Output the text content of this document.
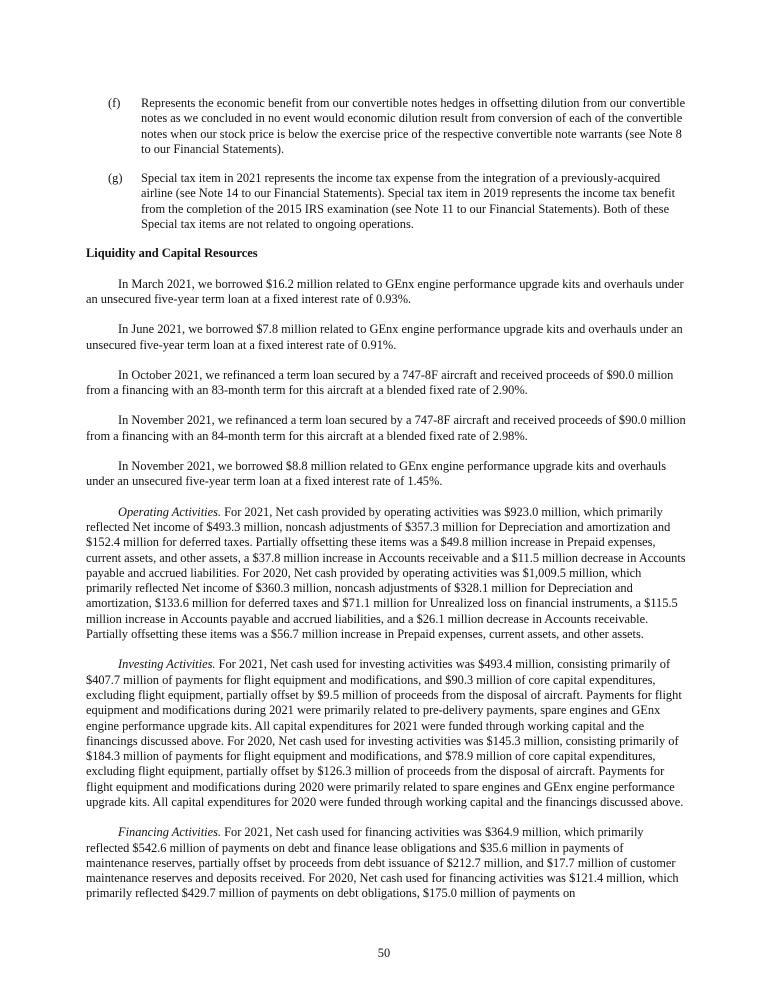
(f) Represents the economic benefit from our convertible notes hedges in offsetting dilution from our convertible notes as we concluded in no event would economic dilution result from conversion of each of the convertible notes when our stock price is below the exercise price of the respective convertible note warrants (see Note 8 to our Financial Statements).
(g) Special tax item in 2021 represents the income tax expense from the integration of a previously-acquired airline (see Note 14 to our Financial Statements). Special tax item in 2019 represents the income tax benefit from the completion of the 2015 IRS examination (see Note 11 to our Financial Statements). Both of these Special tax items are not related to ongoing operations.
Liquidity and Capital Resources

In March 2021, we borrowed $16.2 million related to GEnx engine performance upgrade kits and overhauls under an unsecured five-year term loan at a fixed interest rate of 0.93%.

In June 2021, we borrowed $7.8 million related to GEnx engine performance upgrade kits and overhauls under an unsecured five-year term loan at a fixed interest rate of 0.91%.

In October 2021, we refinanced a term loan secured by a 747-8F aircraft and received proceeds of $90.0 million from a financing with an 83-month term for this aircraft at a blended fixed rate of 2.90%.

In November 2021, we refinanced a term loan secured by a 747-8F aircraft and received proceeds of $90.0 million from a financing with an 84-month term for this aircraft at a blended fixed rate of 2.98%.

In November 2021, we borrowed $8.8 million related to GEnx engine performance upgrade kits and overhauls under an unsecured five-year term loan at a fixed interest rate of 1.45%.

Operating Activities. For 2021, Net cash provided by operating activities was $923.0 million, which primarily reflected Net income of $493.3 million, noncash adjustments of $357.3 million for Depreciation and amortization and $152.4 million for deferred taxes. Partially offsetting these items was a $49.8 million increase in Prepaid expenses, current assets, and other assets, a $37.8 million increase in Accounts receivable and a $11.5 million decrease in Accounts payable and accrued liabilities. For 2020, Net cash provided by operating activities was $1,009.5 million, which primarily reflected Net income of $360.3 million, noncash adjustments of $328.1 million for Depreciation and amortization, $133.6 million for deferred taxes and $71.1 million for Unrealized loss on financial instruments, a $115.5 million increase in Accounts payable and accrued liabilities, and a $26.1 million decrease in Accounts receivable. Partially offsetting these items was a $56.7 million increase in Prepaid expenses, current assets, and other assets.

Investing Activities. For 2021, Net cash used for investing activities was $493.4 million, consisting primarily of $407.7 million of payments for flight equipment and modifications, and $90.3 million of core capital expenditures, excluding flight equipment, partially offset by $9.5 million of proceeds from the disposal of aircraft. Payments for flight equipment and modifications during 2021 were primarily related to pre-delivery payments, spare engines and GEnx engine performance upgrade kits. All capital expenditures for 2021 were funded through working capital and the financings discussed above. For 2020, Net cash used for investing activities was $145.3 million, consisting primarily of $184.3 million of payments for flight equipment and modifications, and $78.9 million of core capital expenditures, excluding flight equipment, partially offset by $126.3 million of proceeds from the disposal of aircraft. Payments for flight equipment and modifications during 2020 were primarily related to spare engines and GEnx engine performance upgrade kits. All capital expenditures for 2020 were funded through working capital and the financings discussed above.

Financing Activities. For 2021, Net cash used for financing activities was $364.9 million, which primarily reflected $542.6 million of payments on debt and finance lease obligations and $35.6 million in payments of maintenance reserves, partially offset by proceeds from debt issuance of $212.7 million, and $17.7 million of customer maintenance reserves and deposits received. For 2020, Net cash used for financing activities was $121.4 million, which primarily reflected $429.7 million of payments on debt obligations, $175.0 million of payments on

50
